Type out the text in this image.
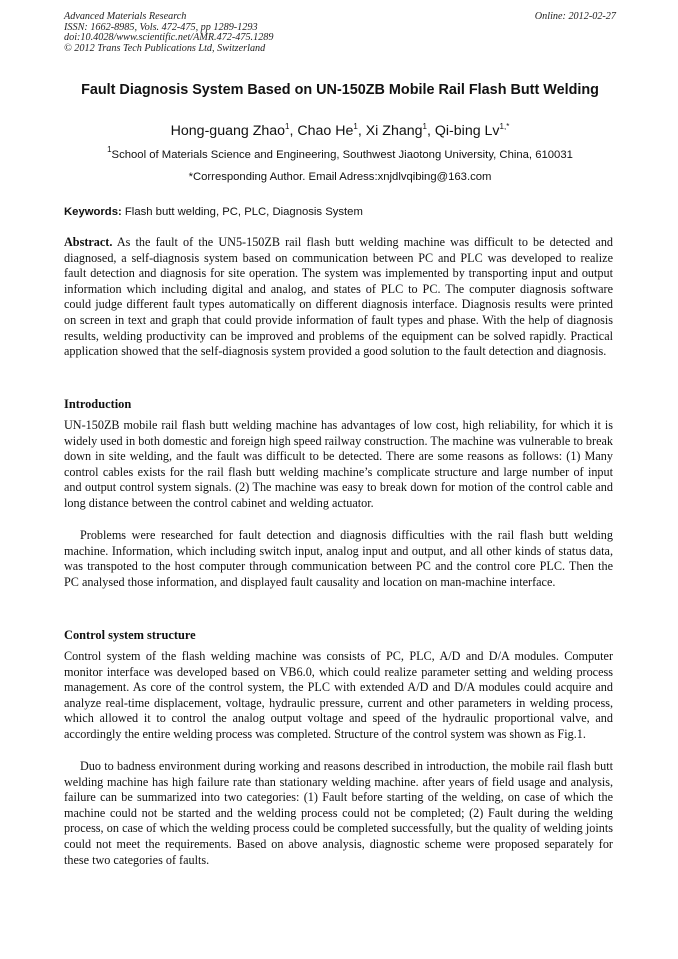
Advanced Materials Research
ISSN: 1662-8985, Vols. 472-475, pp 1289-1293
doi:10.4028/www.scientific.net/AMR.472-475.1289
© 2012 Trans Tech Publications Ltd, Switzerland
Online: 2012-02-27
Fault Diagnosis System Based on UN-150ZB Mobile Rail Flash Butt Welding
Hong-guang Zhao$^1$, Chao He$^1$, Xi Zhang$^1$, Qi-bing $Lv^{1,*}$
$^1$School of Materials Science and Engineering, Southwest Jiaotong University, China, 610031
*Corresponding Author. Email Adress:xnjdlvqibing@163.com
Keywords: Flash butt welding, PC, PLC, Diagnosis System
Abstract. As the fault of the UN5-150ZB rail flash butt welding machine was difficult to be detected and diagnosed, a self-diagnosis system based on communication between PC and PLC was developed to realize fault detection and diagnosis for site operation. The system was implemented by transporting input and output information which including digital and analog, and states of PLC to PC. The computer diagnosis software could judge different fault types automatically on different diagnosis interface. Diagnosis results were printed on screen in text and graph that could provide information of fault types and phase. With the help of diagnosis results, welding productivity can be improved and problems of the equipment can be solved rapidly. Practical application showed that the self-diagnosis system provided a good solution to the fault detection and diagnosis.
Introduction
UN-150ZB mobile rail flash butt welding machine has advantages of low cost, high reliability, for which it is widely used in both domestic and foreign high speed railway construction. The machine was vulnerable to break down in site welding, and the fault was difficult to be detected. There are some reasons as follows: (1) Many control cables exists for the rail flash butt welding machine’s complicate structure and large number of input and output control system signals. (2) The machine was easy to break down for motion of the control cable and long distance between the control cabinet and welding actuator.
Problems were researched for fault detection and diagnosis difficulties with the rail flash butt welding machine. Information, which including switch input, analog input and output, and all other kinds of status data, was transpoted to the host computer through communication between PC and the control core PLC. Then the PC analysed those information, and displayed fault causality and location on man-machine interface.
Control system structure
Control system of the flash welding machine was consists of PC, PLC, A/D and D/A modules. Computer monitor interface was developed based on VB6.0, which could realize parameter setting and welding process management. As core of the control system, the PLC with extended A/D and D/A modules could acquire and analyze real-time displacement, voltage, hydraulic pressure, current and other parameters in welding process, which allowed it to control the analog output voltage and speed of the hydraulic proportional valve, and accordingly the entire welding process was completed. Structure of the control system was shown as Fig.1.
Duo to badness environment during working and reasons described in introduction, the mobile rail flash butt welding machine has high failure rate than stationary welding machine. after years of field usage and analysis, failure can be summarized into two categories: (1) Fault before starting of the welding, on case of which the machine could not be started and the welding process could not be completed; (2) Fault during the welding process, on case of which the welding process could be completed successfully, but the quality of welding joints could not meet the requirements. Based on above analysis, diagnostic scheme were proposed separately for these two categories of faults.
